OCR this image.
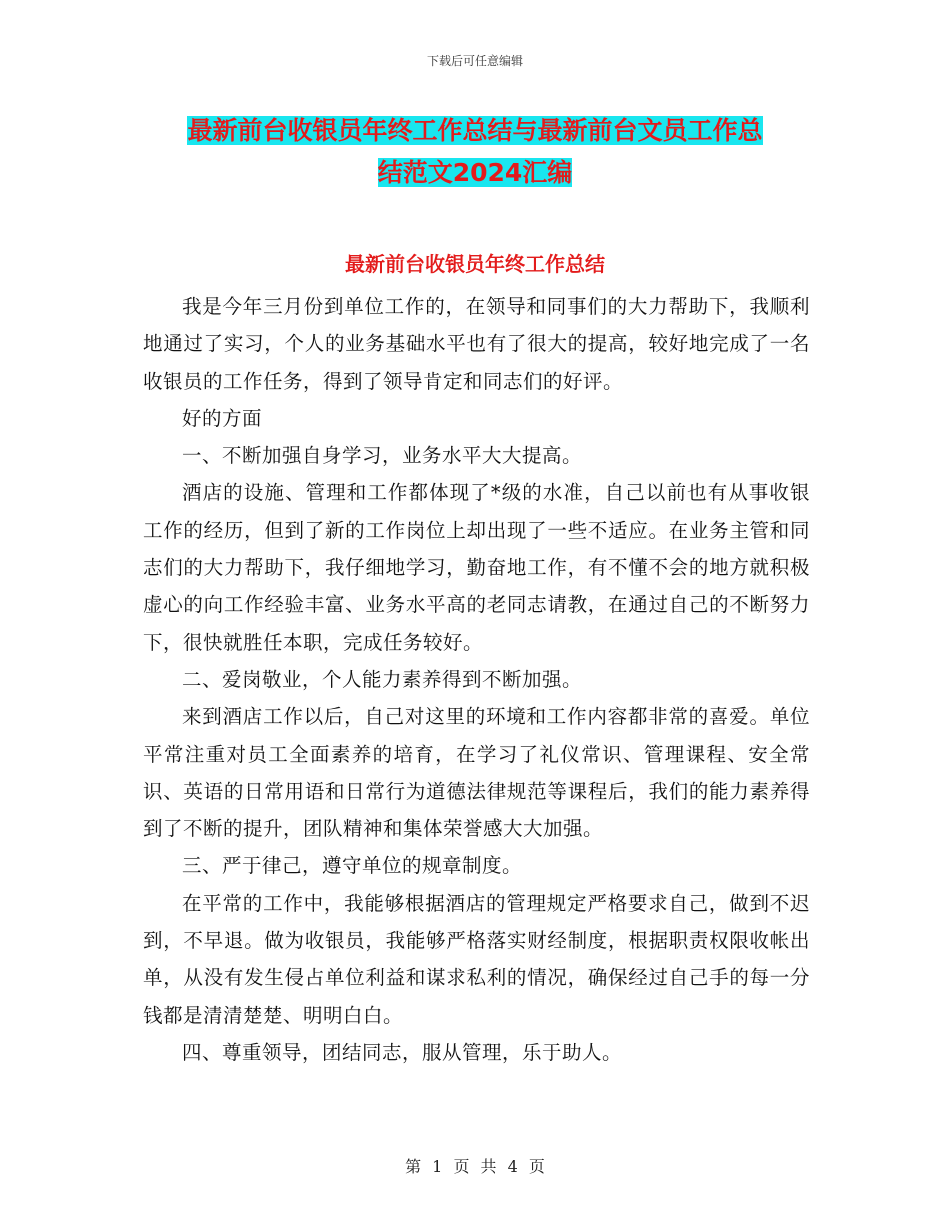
下载后可任意编辑
最新前台收银员年终工作总结与最新前台文员工作总
结范文2024汇编
最新前台收银员年终工作总结

我是今年三月份到单位工作的，在领导和同事们的大力帮助下，我顺利地通过了实习，个人的业务基础水平也有了很大的提高，较好地完成了一名收银员的工作任务，得到了领导肯定和同志们的好评。

好的方面

一、不断加强自身学习，业务水平大大提高。

酒店的设施、管理和工作都体现了*级的水准，自己以前也有从事收银工作的经历，但到了新的工作岗位上却出现了一些不适应。在业务主管和同志们的大力帮助下，我仔细地学习，勤奋地工作，有不懂不会的地方就积极虚心的向工作经验丰富、业务水平高的老同志请教，在通过自己的不断努力下，很快就胜任本职，完成任务较好。

二、爱岗敬业，个人能力素养得到不断加强。

来到酒店工作以后，自己对这里的环境和工作内容都非常的喜爱。单位平常注重对员工全面素养的培育，在学习了礼仪常识、管理课程、安全常识、英语的日常用语和日常行为道德法律规范等课程后，我们的能力素养得到了不断的提升，团队精神和集体荣誉感大大加强。

三、严于律己，遵守单位的规章制度。

在平常的工作中，我能够根据酒店的管理规定严格要求自己，做到不迟到，不早退。做为收银员，我能够严格落实财经制度，根据职责权限收帐出单，从没有发生侵占单位利益和谋求私利的情况，确保经过自己手的每一分钱都是清清楚楚、明明白白。

四、尊重领导，团结同志，服从管理，乐于助人。

第 1 页 共 4 页
